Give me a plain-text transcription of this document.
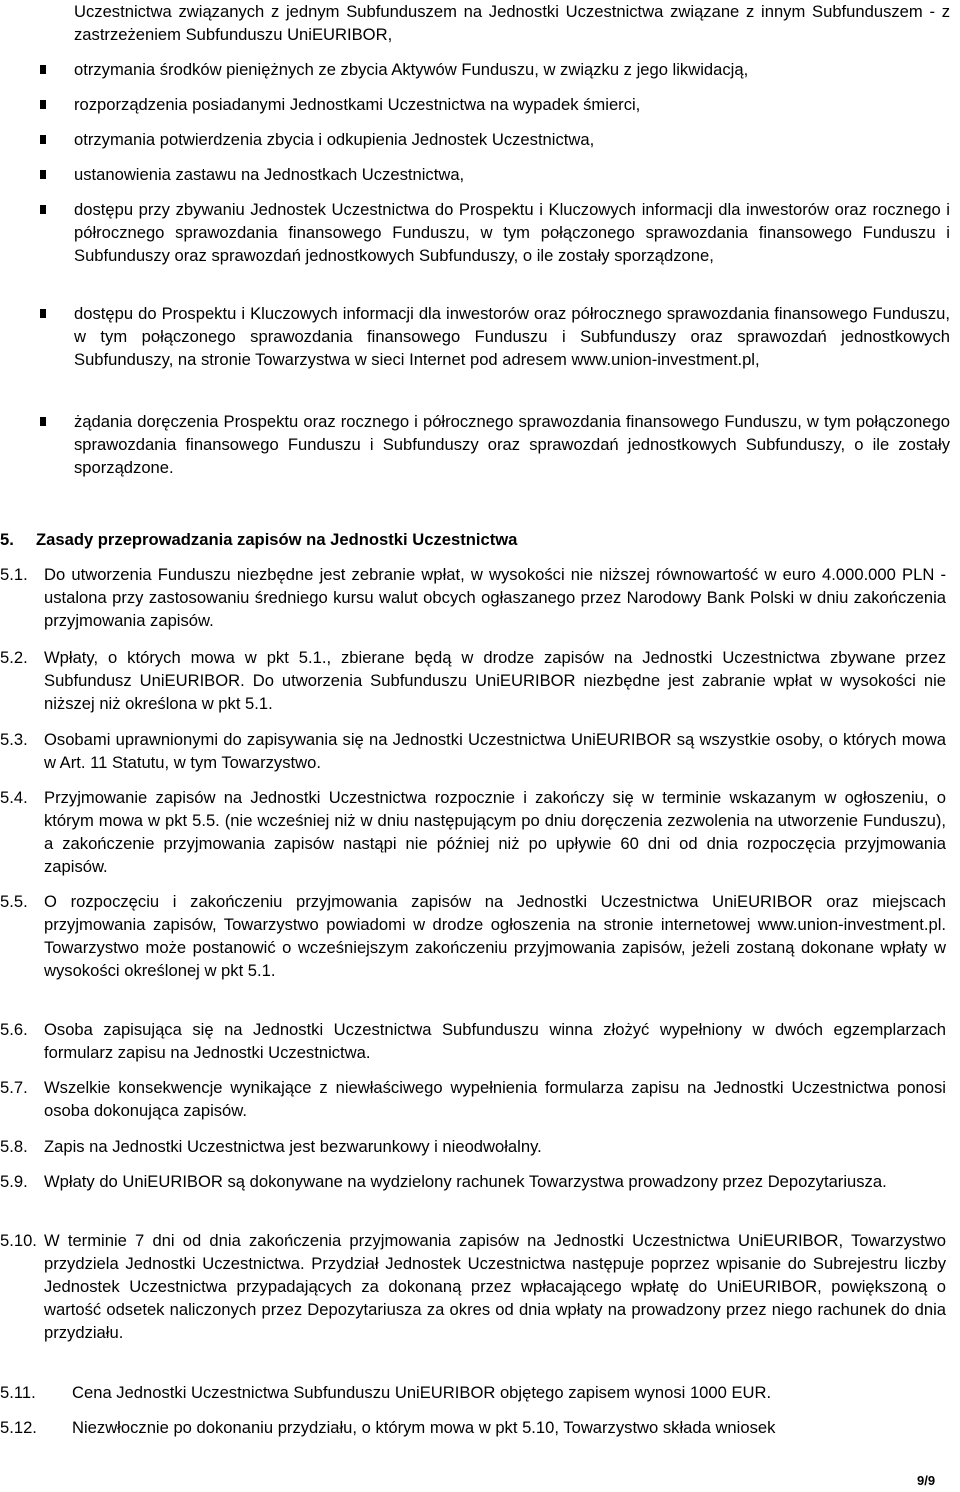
Uczestnictwa związanych z jednym Subfunduszem na Jednostki Uczestnictwa związane z innym Subfunduszem - z zastrzeżeniem Subfunduszu UniEURIBOR,
otrzymania środków pieniężnych ze zbycia Aktywów Funduszu, w związku z jego likwidacją,
rozporządzenia posiadanymi Jednostkami Uczestnictwa na wypadek śmierci,
otrzymania potwierdzenia zbycia i odkupienia Jednostek Uczestnictwa,
ustanowienia zastawu na Jednostkach Uczestnictwa,
dostępu przy zbywaniu Jednostek Uczestnictwa do Prospektu i Kluczowych informacji dla inwestorów oraz rocznego i półrocznego sprawozdania finansowego Funduszu, w tym połączonego sprawozdania finansowego Funduszu i Subfunduszy oraz sprawozdań jednostkowych Subfunduszy, o ile zostały sporządzone,
dostępu do Prospektu i Kluczowych informacji dla inwestorów oraz półrocznego sprawozdania finansowego Funduszu, w tym połączonego sprawozdania finansowego Funduszu i Subfunduszy oraz sprawozdań jednostkowych Subfunduszy, na stronie Towarzystwa w sieci Internet pod adresem www.union-investment.pl,
żądania doręczenia Prospektu oraz rocznego i półrocznego sprawozdania finansowego Funduszu, w tym połączonego sprawozdania finansowego Funduszu i Subfunduszy oraz sprawozdań jednostkowych Subfunduszy, o ile zostały sporządzone.
5. Zasady przeprowadzania zapisów na Jednostki Uczestnictwa
5.1. Do utworzenia Funduszu niezbędne jest zebranie wpłat, w wysokości nie niższej równowartość w euro 4.000.000 PLN - ustalona przy zastosowaniu średniego kursu walut obcych ogłaszanego przez Narodowy Bank Polski w dniu zakończenia przyjmowania zapisów.
5.2. Wpłaty, o których mowa w pkt 5.1., zbierane będą w drodze zapisów na Jednostki Uczestnictwa zbywane przez Subfundusz UniEURIBOR. Do utworzenia Subfunduszu UniEURIBOR niezbędne jest zabranie wpłat w wysokości nie niższej niż określona w pkt 5.1.
5.3. Osobami uprawnionymi do zapisywania się na Jednostki Uczestnictwa UniEURIBOR są wszystkie osoby, o których mowa w Art. 11 Statutu, w tym Towarzystwo.
5.4. Przyjmowanie zapisów na Jednostki Uczestnictwa rozpocznie i zakończy się w terminie wskazanym w ogłoszeniu, o którym mowa w pkt 5.5. (nie wcześniej niż w dniu następującym po dniu doręczenia zezwolenia na utworzenie Funduszu), a zakończenie przyjmowania zapisów nastąpi nie później niż po upływie 60 dni od dnia rozpoczęcia przyjmowania zapisów.
5.5. O rozpoczęciu i zakończeniu przyjmowania zapisów na Jednostki Uczestnictwa UniEURIBOR oraz miejscach przyjmowania zapisów, Towarzystwo powiadomi w drodze ogłoszenia na stronie internetowej www.union-investment.pl. Towarzystwo może postanowić o wcześniejszym zakończeniu przyjmowania zapisów, jeżeli zostaną dokonane wpłaty w wysokości określonej w pkt 5.1.
5.6. Osoba zapisująca się na Jednostki Uczestnictwa Subfunduszu winna złożyć wypełniony w dwóch egzemplarzach formularz zapisu na Jednostki Uczestnictwa.
5.7. Wszelkie konsekwencje wynikające z niewłaściwego wypełnienia formularza zapisu na Jednostki Uczestnictwa ponosi osoba dokonująca zapisów.
5.8. Zapis na Jednostki Uczestnictwa jest bezwarunkowy i nieodwołalny.
5.9. Wpłaty do UniEURIBOR są dokonywane na wydzielony rachunek Towarzystwa prowadzony przez Depozytariusza.
5.10. W terminie 7 dni od dnia zakończenia przyjmowania zapisów na Jednostki Uczestnictwa UniEURIBOR, Towarzystwo przydziela Jednostki Uczestnictwa. Przydział Jednostek Uczestnictwa następuje poprzez wpisanie do Subrejestru liczby Jednostek Uczestnictwa przypadających za dokonaną przez wpłacającego wpłatę do UniEURIBOR, powiększoną o wartość odsetek naliczonych przez Depozytariusza za okres od dnia wpłaty na prowadzony przez niego rachunek do dnia przydziału.
5.11. Cena Jednostki Uczestnictwa Subfunduszu UniEURIBOR objętego zapisem wynosi 1000 EUR.
5.12. Niezwłocznie po dokonaniu przydziału, o którym mowa w pkt 5.10, Towarzystwo składa wniosek
9/9
